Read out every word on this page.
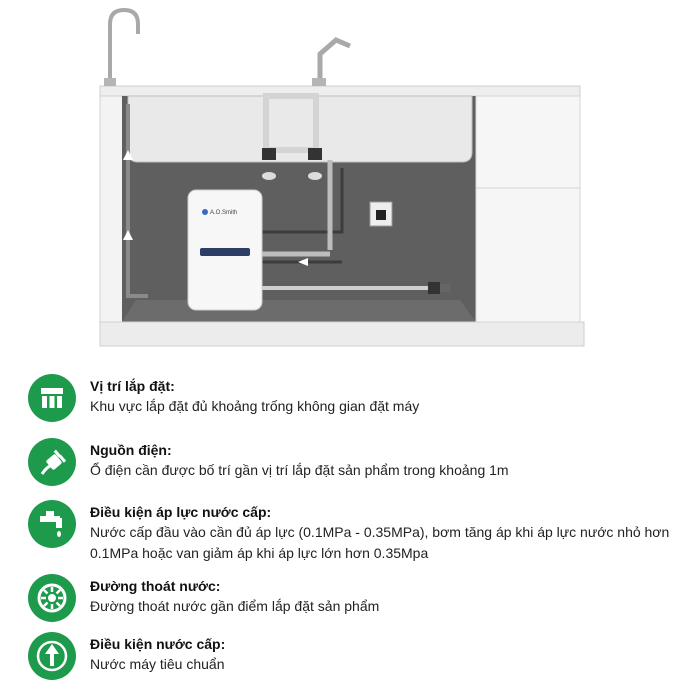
A.O.Smith
Vị trí lắp đặt:
Khu vực lắp đặt đủ khoảng trống không gian đặt máy
Nguồn điện:
Ổ điện cần được bố trí gần vị trí lắp đặt sản phẩm trong khoảng 1m
Điều kiện áp lực nước cấp:
Nước cấp đầu vào cần đủ áp lực (0.1MPa - 0.35MPa), bơm tăng áp khi áp lực nước nhỏ hơn 0.1MPa hoặc van giảm áp khi áp lực lớn hơn 0.35Mpa
Đường thoát nước:
Đường thoát nước gần điểm lắp đặt sản phẩm
Điều kiện nước cấp:
Nước máy tiêu chuẩn
